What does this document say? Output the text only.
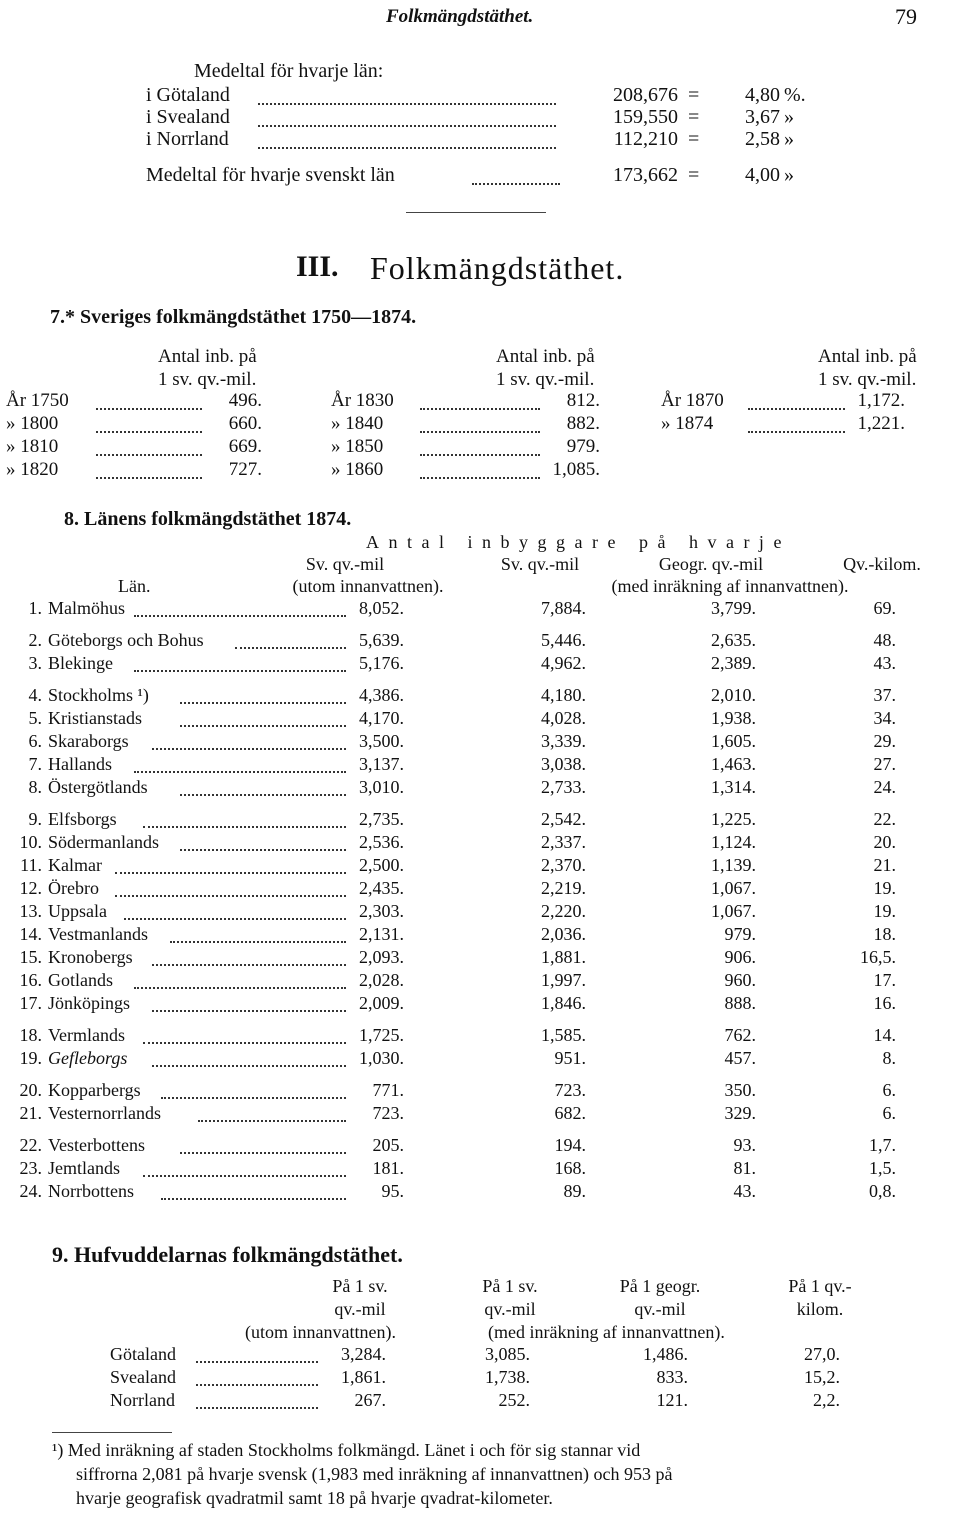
Folkmängdstäthet.	79
Medeltal för hvarje län:
i Götaland	208,676 =	4,80 %.
i Svealand	159,550 =	3,67 »
i Norrland	112,210 =	2,58 »
Medeltal för hvarje svenskt län	173,662 =	4,00 »
III. Folkmängdstäthet.
7.* Sveriges folkmängdstäthet 1750—1874.
Antal inb. på
1 sv. qv.-mil.
År 1750	496.
» 1800	660.
» 1810	669.
» 1820	727.
Antal inb. på
1 sv. qv.-mil.
År 1830	812.
» 1840	882.
» 1850	979.
» 1860	1,085.
Antal inb. på
1 sv. qv.-mil.
År 1870	1,172.
» 1874	1,221.
8. Länens folkmängdstäthet 1874.
Antal inbyggare på hvarje
Sv. qv.-mil	Sv. qv.-mil	Geogr. qv.-mil	Qv.-kilom.
Län.	(utom innanvattnen).	(med inräkning af innanvattnen).
1. Malmöhus	8,052.	7,884.	3,799.	69.
2. Göteborgs och Bohus	5,639.	5,446.	2,635.	48.
3. Blekinge	5,176.	4,962.	2,389.	43.
4. Stockholms ¹)	4,386.	4,180.	2,010.	37.
5. Kristianstads	4,170.	4,028.	1,938.	34.
6. Skaraborgs	3,500.	3,339.	1,605.	29.
7. Hallands	3,137.	3,038.	1,463.	27.
8. Östergötlands	3,010.	2,733.	1,314.	24.
9. Elfsborgs	2,735.	2,542.	1,225.	22.
10. Södermanlands	2,536.	2,337.	1,124.	20.
11. Kalmar	2,500.	2,370.	1,139.	21.
12. Örebro	2,435.	2,219.	1,067.	19.
13. Uppsala	2,303.	2,220.	1,067.	19.
14. Vestmanlands	2,131.	2,036.	979.	18.
15. Kronobergs	2,093.	1,881.	906.	16,5.
16. Gotlands	2,028.	1,997.	960.	17.
17. Jönköpings	2,009.	1,846.	888.	16.
18. Vermlands	1,725.	1,585.	762.	14.
19. Gefleborgs	1,030.	951.	457.	8.
20. Kopparbergs	771.	723.	350.	6.
21. Vesternorrlands	723.	682.	329.	6.
22. Vesterbottens	205.	194.	93.	1,7.
23. Jemtlands	181.	168.	81.	1,5.
24. Norrbottens	95.	89.	43.	0,8.
9. Hufvuddelarnas folkmängdstäthet.
På 1 sv.
qv.-mil
På 1 sv.
qv.-mil
På 1 geogr.
qv.-mil
På 1 qv.-
kilom.
(utom innanvattnen).	(med inräkning af innanvattnen).
Götaland	3,284.	3,085.	1,486.	27,0.
Svealand	1,861.	1,738.	833.	15,2.
Norrland	267.	252.	121.	2,2.
¹) Med inräkning af staden Stockholms folkmängd. Länet i och för sig stannar vid
siffrorna 2,081 på hvarje svensk (1,983 med inräkning af innanvattnen) och 953 på
hvarje geografisk qvadratmil samt 18 på hvarje qvadrat-kilometer.
